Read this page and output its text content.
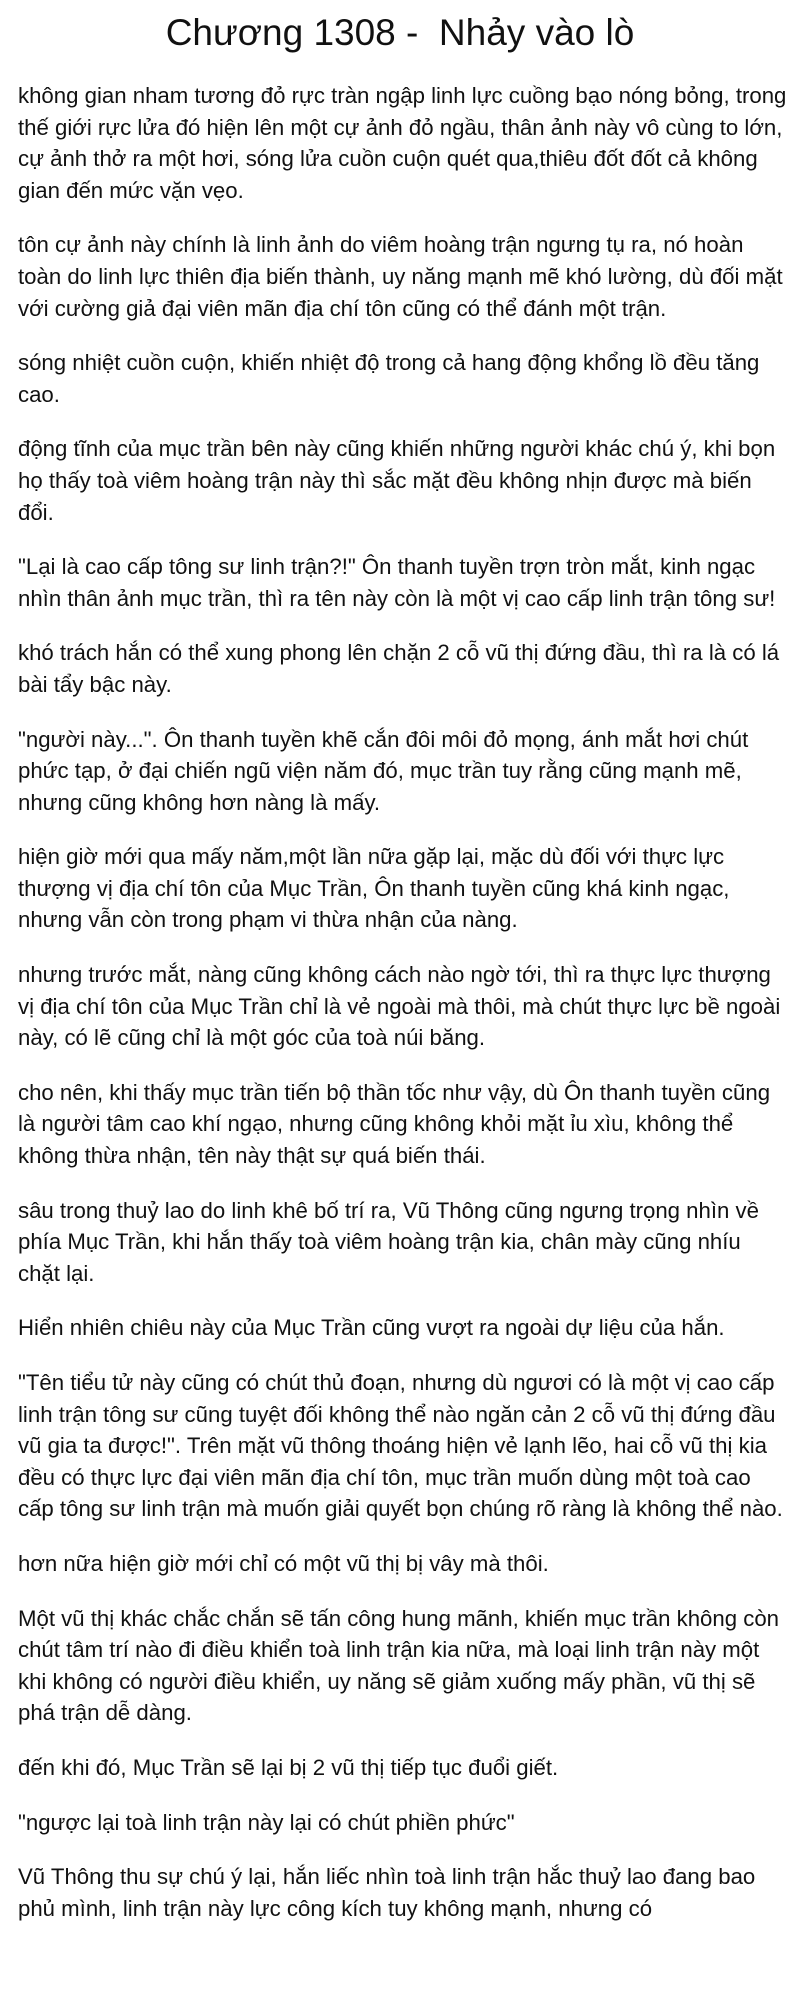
Chương 1308 -  Nhảy vào lò

không gian nham tương đỏ rực tràn ngập linh lực cuồng bạo nóng bỏng, trong thế giới rực lửa đó hiện lên một cự ảnh đỏ ngầu, thân ảnh này vô cùng to lớn, cự ảnh thở ra một hơi, sóng lửa cuồn cuộn quét qua,thiêu đốt đốt cả không gian đến mức vặn vẹo.

tôn cự ảnh này chính là linh ảnh do viêm hoàng trận ngưng tụ ra, nó hoàn toàn do linh lực thiên địa biến thành, uy năng mạnh mẽ khó lường, dù đối mặt với cường giả đại viên mãn địa chí tôn cũng có thể đánh một trận.

sóng nhiệt cuồn cuộn, khiến nhiệt độ trong cả hang động khổng lồ đều tăng cao.

động tĩnh của mục trần bên này cũng khiến những người khác chú ý, khi bọn họ thấy toà viêm hoàng trận này thì sắc mặt đều không nhịn được mà biến đổi.

"Lại là cao cấp tông sư linh trận?!" Ôn thanh tuyền trợn tròn mắt, kinh ngạc nhìn thân ảnh mục trần, thì ra tên này còn là một vị cao cấp linh trận tông sư!

khó trách hắn có thể xung phong lên chặn 2 cỗ vũ thị đứng đầu, thì ra là có lá bài tẩy bậc này.

"người này...". Ôn thanh tuyền khẽ cắn đôi môi đỏ mọng, ánh mắt hơi chút phức tạp, ở đại chiến ngũ viện năm đó, mục trần tuy rằng cũng mạnh mẽ, nhưng cũng không hơn nàng là mấy.

hiện giờ mới qua mấy năm,một lần nữa gặp lại, mặc dù đối với thực lực thượng vị địa chí tôn của Mục Trần, Ôn thanh tuyền cũng khá kinh ngạc, nhưng vẫn còn trong phạm vi thừa nhận của nàng.

nhưng trước mắt, nàng cũng không cách nào ngờ tới, thì ra thực lực thượng vị địa chí tôn của Mục Trần chỉ là vẻ ngoài mà thôi, mà chút thực lực bề ngoài này, có lẽ cũng chỉ là một góc của toà núi băng.

cho nên, khi thấy mục trần tiến bộ thần tốc như vậy, dù Ôn thanh tuyền cũng là người tâm cao khí ngạo, nhưng cũng không khỏi mặt ỉu xìu, không thể không thừa nhận, tên này thật sự quá biến thái.

sâu trong thuỷ lao do linh khê bố trí ra, Vũ Thông cũng ngưng trọng nhìn về phía Mục Trần, khi hắn thấy toà viêm hoàng trận kia, chân mày cũng nhíu chặt lại.

Hiển nhiên chiêu này của Mục Trần cũng vượt ra ngoài dự liệu của hắn.

"Tên tiểu tử này cũng có chút thủ đoạn, nhưng dù ngươi có là một vị cao cấp linh trận tông sư cũng tuyệt đối không thể nào ngăn cản 2 cỗ vũ thị đứng đầu vũ gia ta được!". Trên mặt vũ thông thoáng hiện vẻ lạnh lẽo, hai cỗ vũ thị kia đều có thực lực đại viên mãn địa chí tôn, mục trần muốn dùng một toà cao cấp tông sư linh trận mà muốn giải quyết bọn chúng rõ ràng là không thể nào.

hơn nữa hiện giờ mới chỉ có một vũ thị bị vây mà thôi.

Một vũ thị khác chắc chắn sẽ tấn công hung mãnh, khiến mục trần không còn chút tâm trí nào đi điều khiển toà linh trận kia nữa, mà loại linh trận này một khi không có người điều khiển, uy năng sẽ giảm xuống mấy phần, vũ thị sẽ phá trận dễ dàng.

đến khi đó, Mục Trần sẽ lại bị 2 vũ thị tiếp tục đuổi giết.

"ngược lại toà linh trận này lại có chút phiền phức"

Vũ Thông thu sự chú ý lại, hắn liếc nhìn toà linh trận hắc thuỷ lao đang bao phủ mình, linh trận này lực công kích tuy không mạnh, nhưng có
